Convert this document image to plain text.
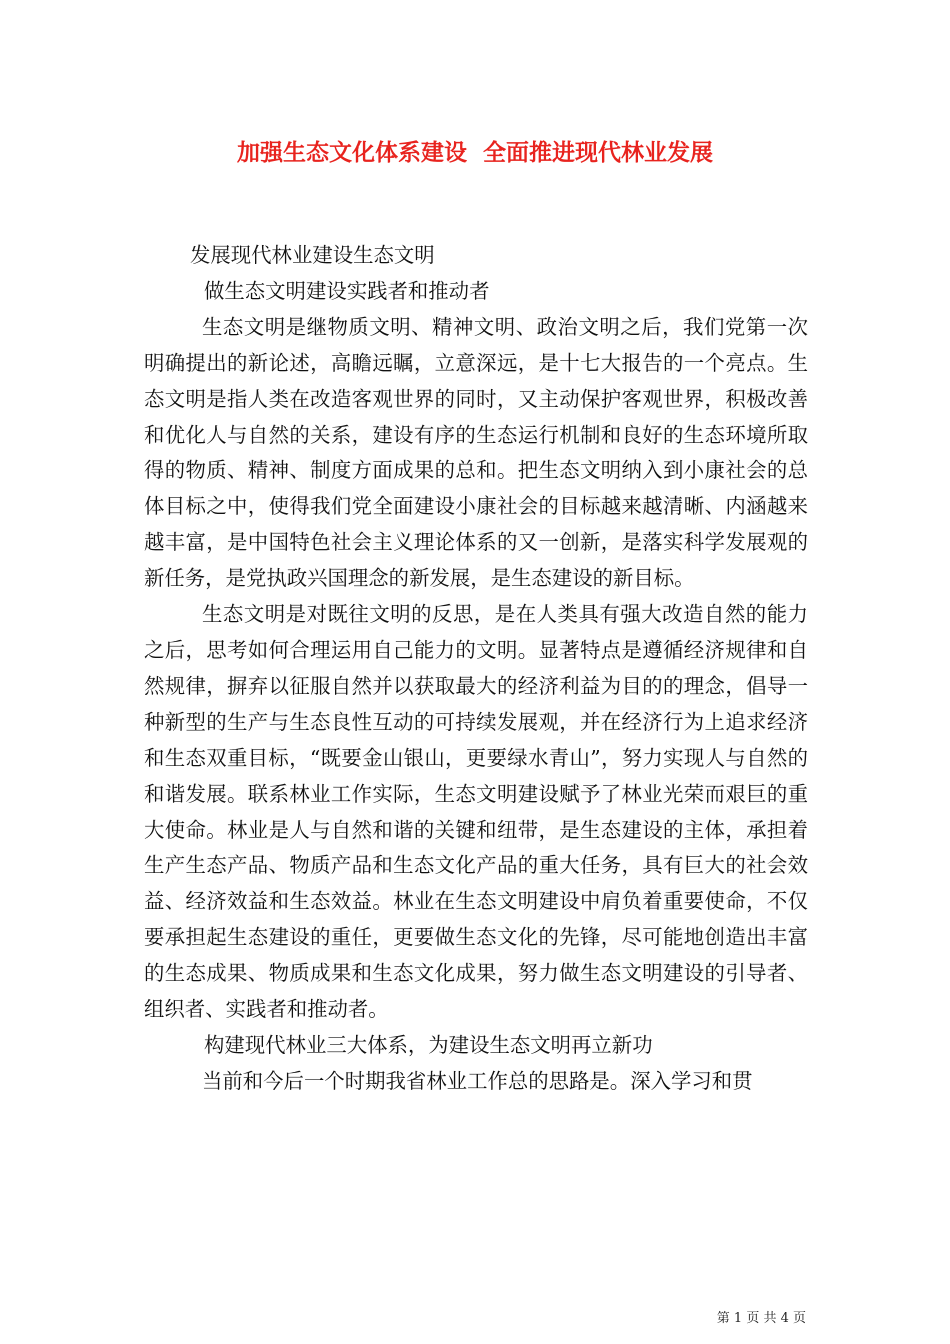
加强生态文化体系建设 全面推进现代林业发展

发展现代林业建设生态文明

做生态文明建设实践者和推动者

生态文明是继物质文明、精神文明、政治文明之后，我们党第一次明确提出的新论述，高瞻远瞩，立意深远，是十七大报告的一个亮点。生态文明是指人类在改造客观世界的同时，又主动保护客观世界，积极改善和优化人与自然的关系，建设有序的生态运行机制和良好的生态环境所取得的物质、精神、制度方面成果的总和。把生态文明纳入到小康社会的总体目标之中，使得我们党全面建设小康社会的目标越来越清晰、内涵越来越丰富，是中国特色社会主义理论体系的又一创新，是落实科学发展观的新任务，是党执政兴国理念的新发展，是生态建设的新目标。

生态文明是对既往文明的反思，是在人类具有强大改造自然的能力之后，思考如何合理运用自己能力的文明。显著特点是遵循经济规律和自然规律，摒弃以征服自然并以获取最大的经济利益为目的的理念，倡导一种新型的生产与生态良性互动的可持续发展观，并在经济行为上追求经济和生态双重目标，“既要金山银山，更要绿水青山”，努力实现人与自然的和谐发展。联系林业工作实际，生态文明建设赋予了林业光荣而艰巨的重大使命。林业是人与自然和谐的关键和纽带，是生态建设的主体，承担着生产生态产品、物质产品和生态文化产品的重大任务，具有巨大的社会效益、经济效益和生态效益。林业在生态文明建设中肩负着重要使命，不仅要承担起生态建设的重任，更要做生态文化的先锋，尽可能地创造出丰富的生态成果、物质成果和生态文化成果，努力做生态文明建设的引导者、组织者、实践者和推动者。

构建现代林业三大体系，为建设生态文明再立新功

当前和今后一个时期我省林业工作总的思路是。深入学习和贯

第 1 页 共 4 页
